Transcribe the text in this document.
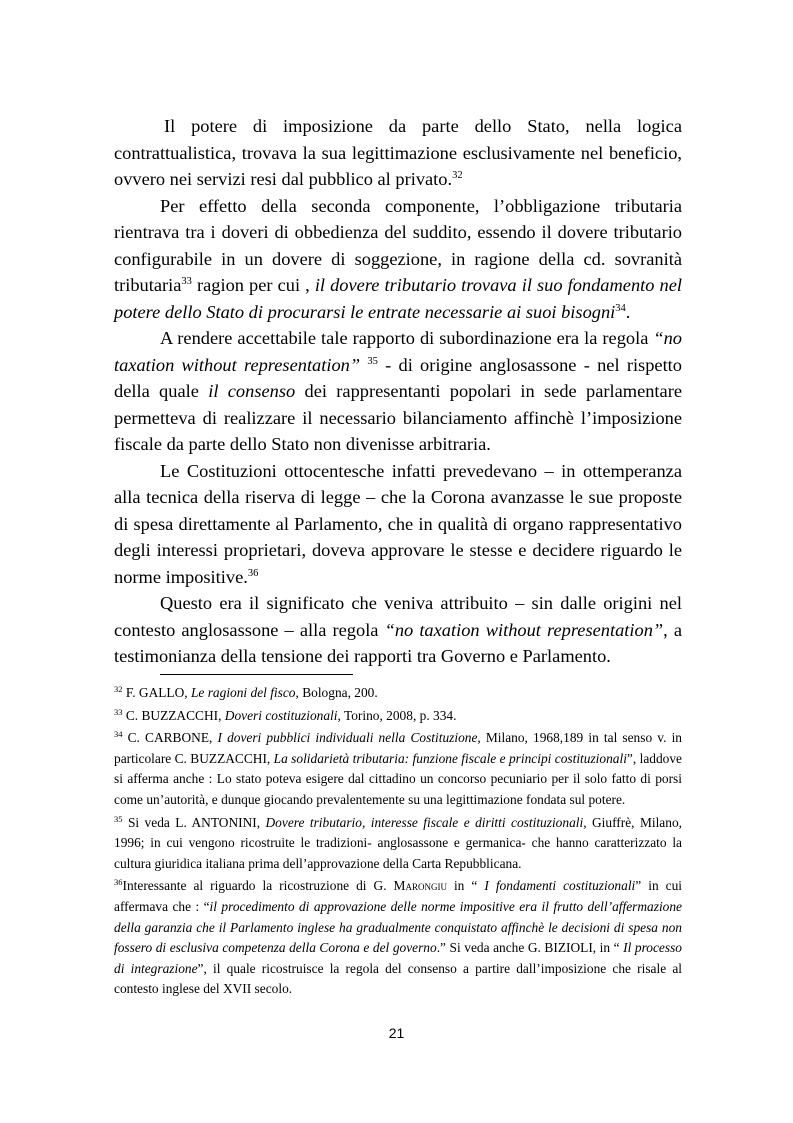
Il potere di imposizione da parte dello Stato, nella logica contrattualistica, trovava la sua legittimazione esclusivamente nel beneficio, ovvero nei servizi resi dal pubblico al privato.$^{32}$

Per effetto della seconda componente, l’obbligazione tributaria rientrava tra i doveri di obbedienza del suddito, essendo il dovere tributario configurabile in un dovere di soggezione, in ragione della cd. sovranità tributaria$^{33}$ ragion per cui , il dovere tributario trovava il suo fondamento nel potere dello Stato di procurarsi le entrate necessarie ai suoi bisogni$^{34}$.

A rendere accettabile tale rapporto di subordinazione era la regola “no taxation without representation” $^{35}$ - di origine anglosassone - nel rispetto della quale il consenso dei rappresentanti popolari in sede parlamentare permetteva di realizzare il necessario bilanciamento affinchè l’imposizione fiscale da parte dello Stato non divenisse arbitraria.

Le Costituzioni ottocentesche infatti prevedevano – in ottemperanza alla tecnica della riserva di legge – che la Corona avanzasse le sue proposte di spesa direttamente al Parlamento, che in qualità di organo rappresentativo degli interessi proprietari, doveva approvare le stesse e decidere riguardo le norme impositive.$^{36}$

Questo era il significato che veniva attribuito – sin dalle origini nel contesto anglosassone – alla regola “no taxation without representation”, a testimonianza della tensione dei rapporti tra Governo e Parlamento.

$^{32}$ F. GALLO, Le ragioni del fisco, Bologna, 200.
$^{33}$ C. BUZZACCHI, Doveri costituzionali, Torino, 2008, p. 334.
$^{34}$ C. CARBONE, I doveri pubblici individuali nella Costituzione, Milano, 1968,189 in tal senso v. in particolare C. BUZZACCHI, La solidarietà tributaria: funzione fiscale e principi costituzionali”, laddove si afferma anche : Lo stato poteva esigere dal cittadino un concorso pecuniario per il solo fatto di porsi come un’autorità, e dunque giocando prevalentemente su una legittimazione fondata sul potere.
$^{35}$ Si veda L. ANTONINI, Dovere tributario, interesse fiscale e diritti costituzionali, Giuffrè, Milano, 1996; in cui vengono ricostruite le tradizioni- anglosassone e germanica- che hanno caratterizzato la cultura giuridica italiana prima dell’approvazione della Carta Repubblicana.
$^{36}$Interessante al riguardo la ricostruzione di G. Marongiu in “ I fondamenti costituzionali” in cui affermava che : “il procedimento di approvazione delle norme impositive era il frutto dell’affermazione della garanzia che il Parlamento inglese ha gradualmente conquistato affinchè le decisioni di spesa non fossero di esclusiva competenza della Corona e del governo.” Si veda anche G. BIZIOLI, in “ Il processo di integrazione”, il quale ricostruisce la regola del consenso a partire dall’imposizione che risale al contesto inglese del XVII secolo.
21
